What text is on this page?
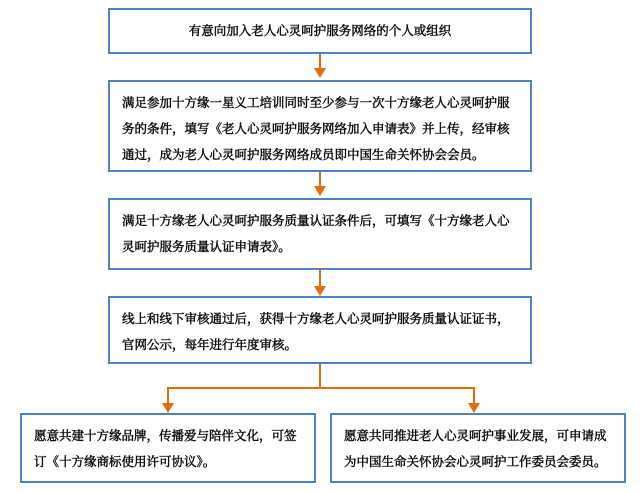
有意向加入老人心灵呵护服务网络的个人或组织
满足参加十方缘一星义工培训同时至少参与一次十方缘老人心灵呵护服务的条件，填写《老人心灵呵护服务网络加入申请表》并上传，经审核通过，成为老人心灵呵护服务网络成员即中国生命关怀协会会员。
满足十方缘老人心灵呵护服务质量认证条件后，可填写《十方缘老人心灵呵护服务质量认证申请表》。
线上和线下审核通过后，获得十方缘老人心灵呵护服务质量认证证书，官网公示，每年进行年度审核。
愿意共建十方缘品牌，传播爱与陪伴文化，可签订《十方缘商标使用许可协议》。
愿意共同推进老人心灵呵护事业发展，可申请成为中国生命关怀协会心灵呵护工作委员会委员。
